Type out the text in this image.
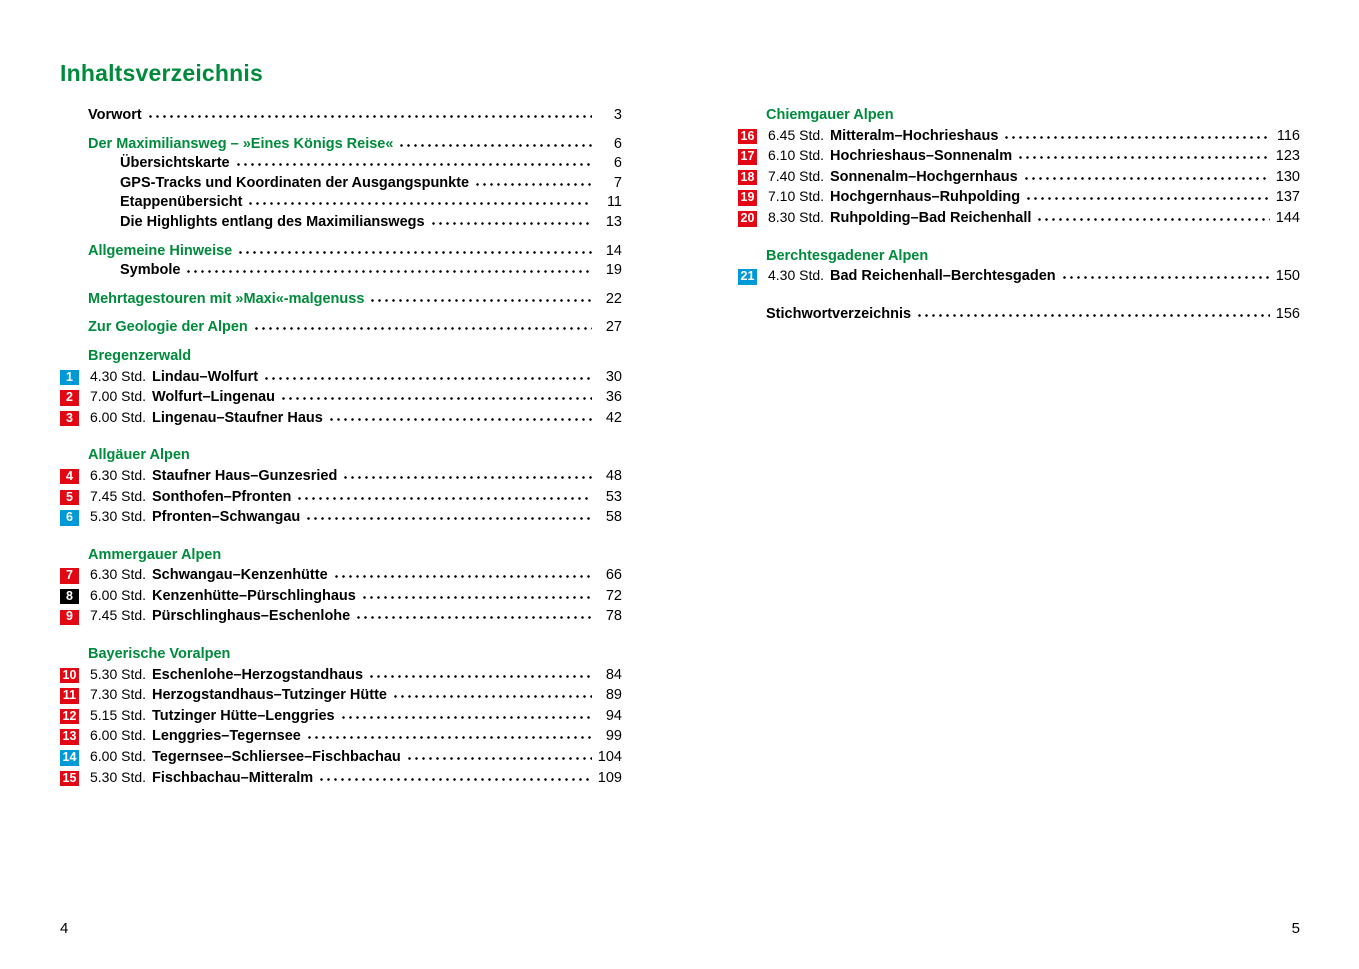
Inhaltsverzeichnis
Vorwort	3
Der Maximiliansweg – »Eines Königs Reise«	6
Übersichtskarte	6
GPS-Tracks und Koordinaten der Ausgangspunkte	7
Etappenübersicht	11
Die Highlights entlang des Maximilianswegs	13
Allgemeine Hinweise	14
Symbole	19
Mehrtagestouren mit »Maxi«-malgenuss	22
Zur Geologie der Alpen	27
Bregenzerwald
1	4.30 Std. Lindau–Wolfurt	30
2	7.00 Std. Wolfurt–Lingenau	36
3	6.00 Std. Lingenau–Staufner Haus	42
Allgäuer Alpen
4	6.30 Std. Staufner Haus–Gunzesried	48
5	7.45 Std. Sonthofen–Pfronten	53
6	5.30 Std. Pfronten–Schwangau	58
Ammergauer Alpen
7	6.30 Std. Schwangau–Kenzenhütte	66
8	6.00 Std. Kenzenhütte–Pürschlinghaus	72
9	7.45 Std. Pürschlinghaus–Eschenlohe	78
Bayerische Voralpen
10 5.30 Std. Eschenlohe–Herzogstandhaus	84
11 7.30 Std. Herzogstandhaus–Tutzinger Hütte	89
12 5.15 Std. Tutzinger Hütte–Lenggries	94
13 6.00 Std. Lenggries–Tegernsee	99
14 6.00 Std. Tegernsee–Schliersee–Fischbachau	104
15 5.30 Std. Fischbachau–Mitteralm	109
Chiemgauer Alpen
16 6.45 Std. Mitteralm–Hochrieshaus	116
17 6.10 Std. Hochrieshaus–Sonnenalm	123
18 7.40 Std. Sonnenalm–Hochgernhaus	130
19 7.10 Std. Hochgernhaus–Ruhpolding	137
20 8.30 Std. Ruhpolding–Bad Reichenhall	144
Berchtesgadener Alpen
21 4.30 Std. Bad Reichenhall–Berchtesgaden	150
Stichwortverzeichnis	156
4	5
